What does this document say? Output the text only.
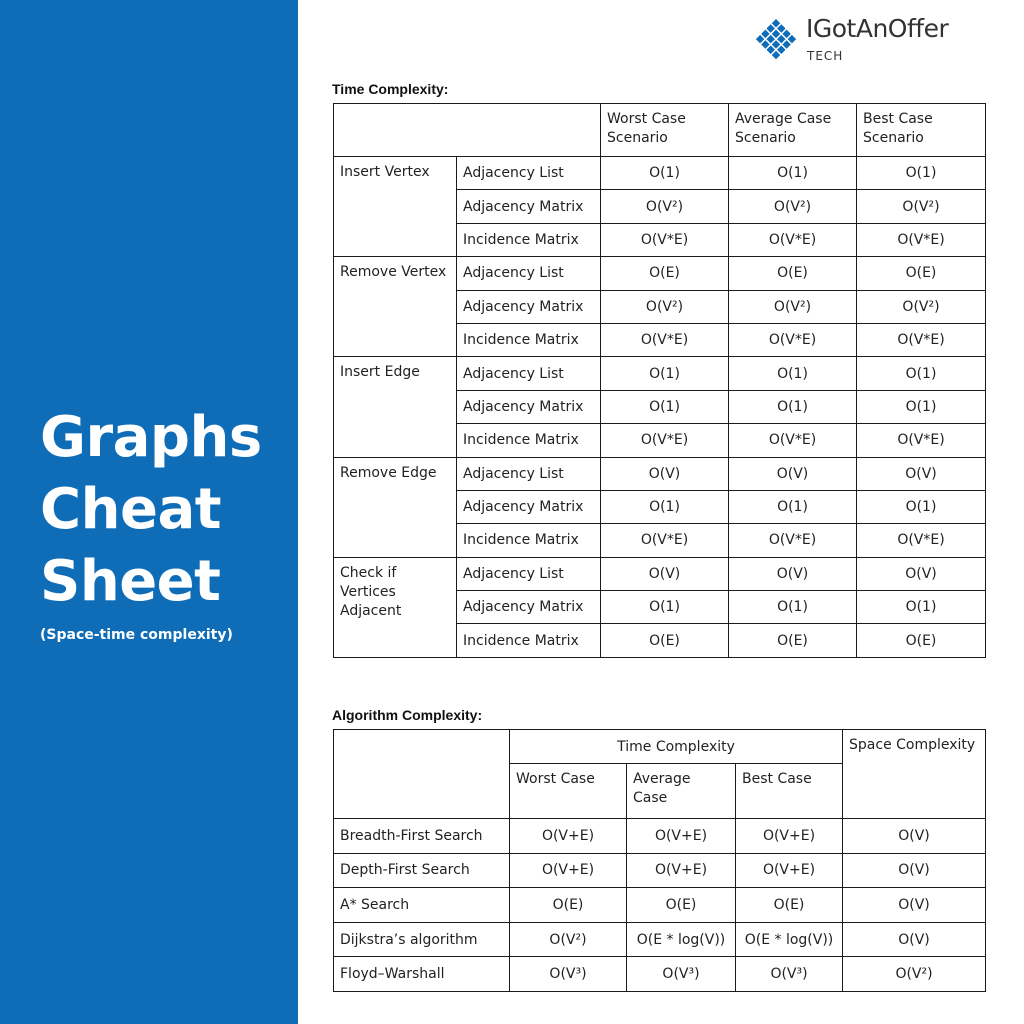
Graphs
Cheat
Sheet
(Space-time complexity)
IGotAnOffer
TECH
Time Complexity:
		Worst Case Scenario	Average Case Scenario	Best Case Scenario
Insert Vertex	Adjacency List	O(1)	O(1)	O(1)
	Adjacency Matrix	O(V²)	O(V²)	O(V²)
	Incidence Matrix	O(V*E)	O(V*E)	O(V*E)
Remove Vertex	Adjacency List	O(E)	O(E)	O(E)
	Adjacency Matrix	O(V²)	O(V²)	O(V²)
	Incidence Matrix	O(V*E)	O(V*E)	O(V*E)
Insert Edge	Adjacency List	O(1)	O(1)	O(1)
	Adjacency Matrix	O(1)	O(1)	O(1)
	Incidence Matrix	O(V*E)	O(V*E)	O(V*E)
Remove Edge	Adjacency List	O(V)	O(V)	O(V)
	Adjacency Matrix	O(1)	O(1)	O(1)
	Incidence Matrix	O(V*E)	O(V*E)	O(V*E)
Check if Vertices Adjacent	Adjacency List	O(V)	O(V)	O(V)
	Adjacency Matrix	O(1)	O(1)	O(1)
	Incidence Matrix	O(E)	O(E)	O(E)
Algorithm Complexity:
	Time Complexity			Space Complexity
	Worst Case	Average Case	Best Case	
Breadth-First Search	O(V+E)	O(V+E)	O(V+E)	O(V)
Depth-First Search	O(V+E)	O(V+E)	O(V+E)	O(V)
A* Search	O(E)	O(E)	O(E)	O(V)
Dijkstra’s algorithm	O(V²)	O(E * log(V))	O(E * log(V))	O(V)
Floyd–Warshall	O(V³)	O(V³)	O(V³)	O(V²)
